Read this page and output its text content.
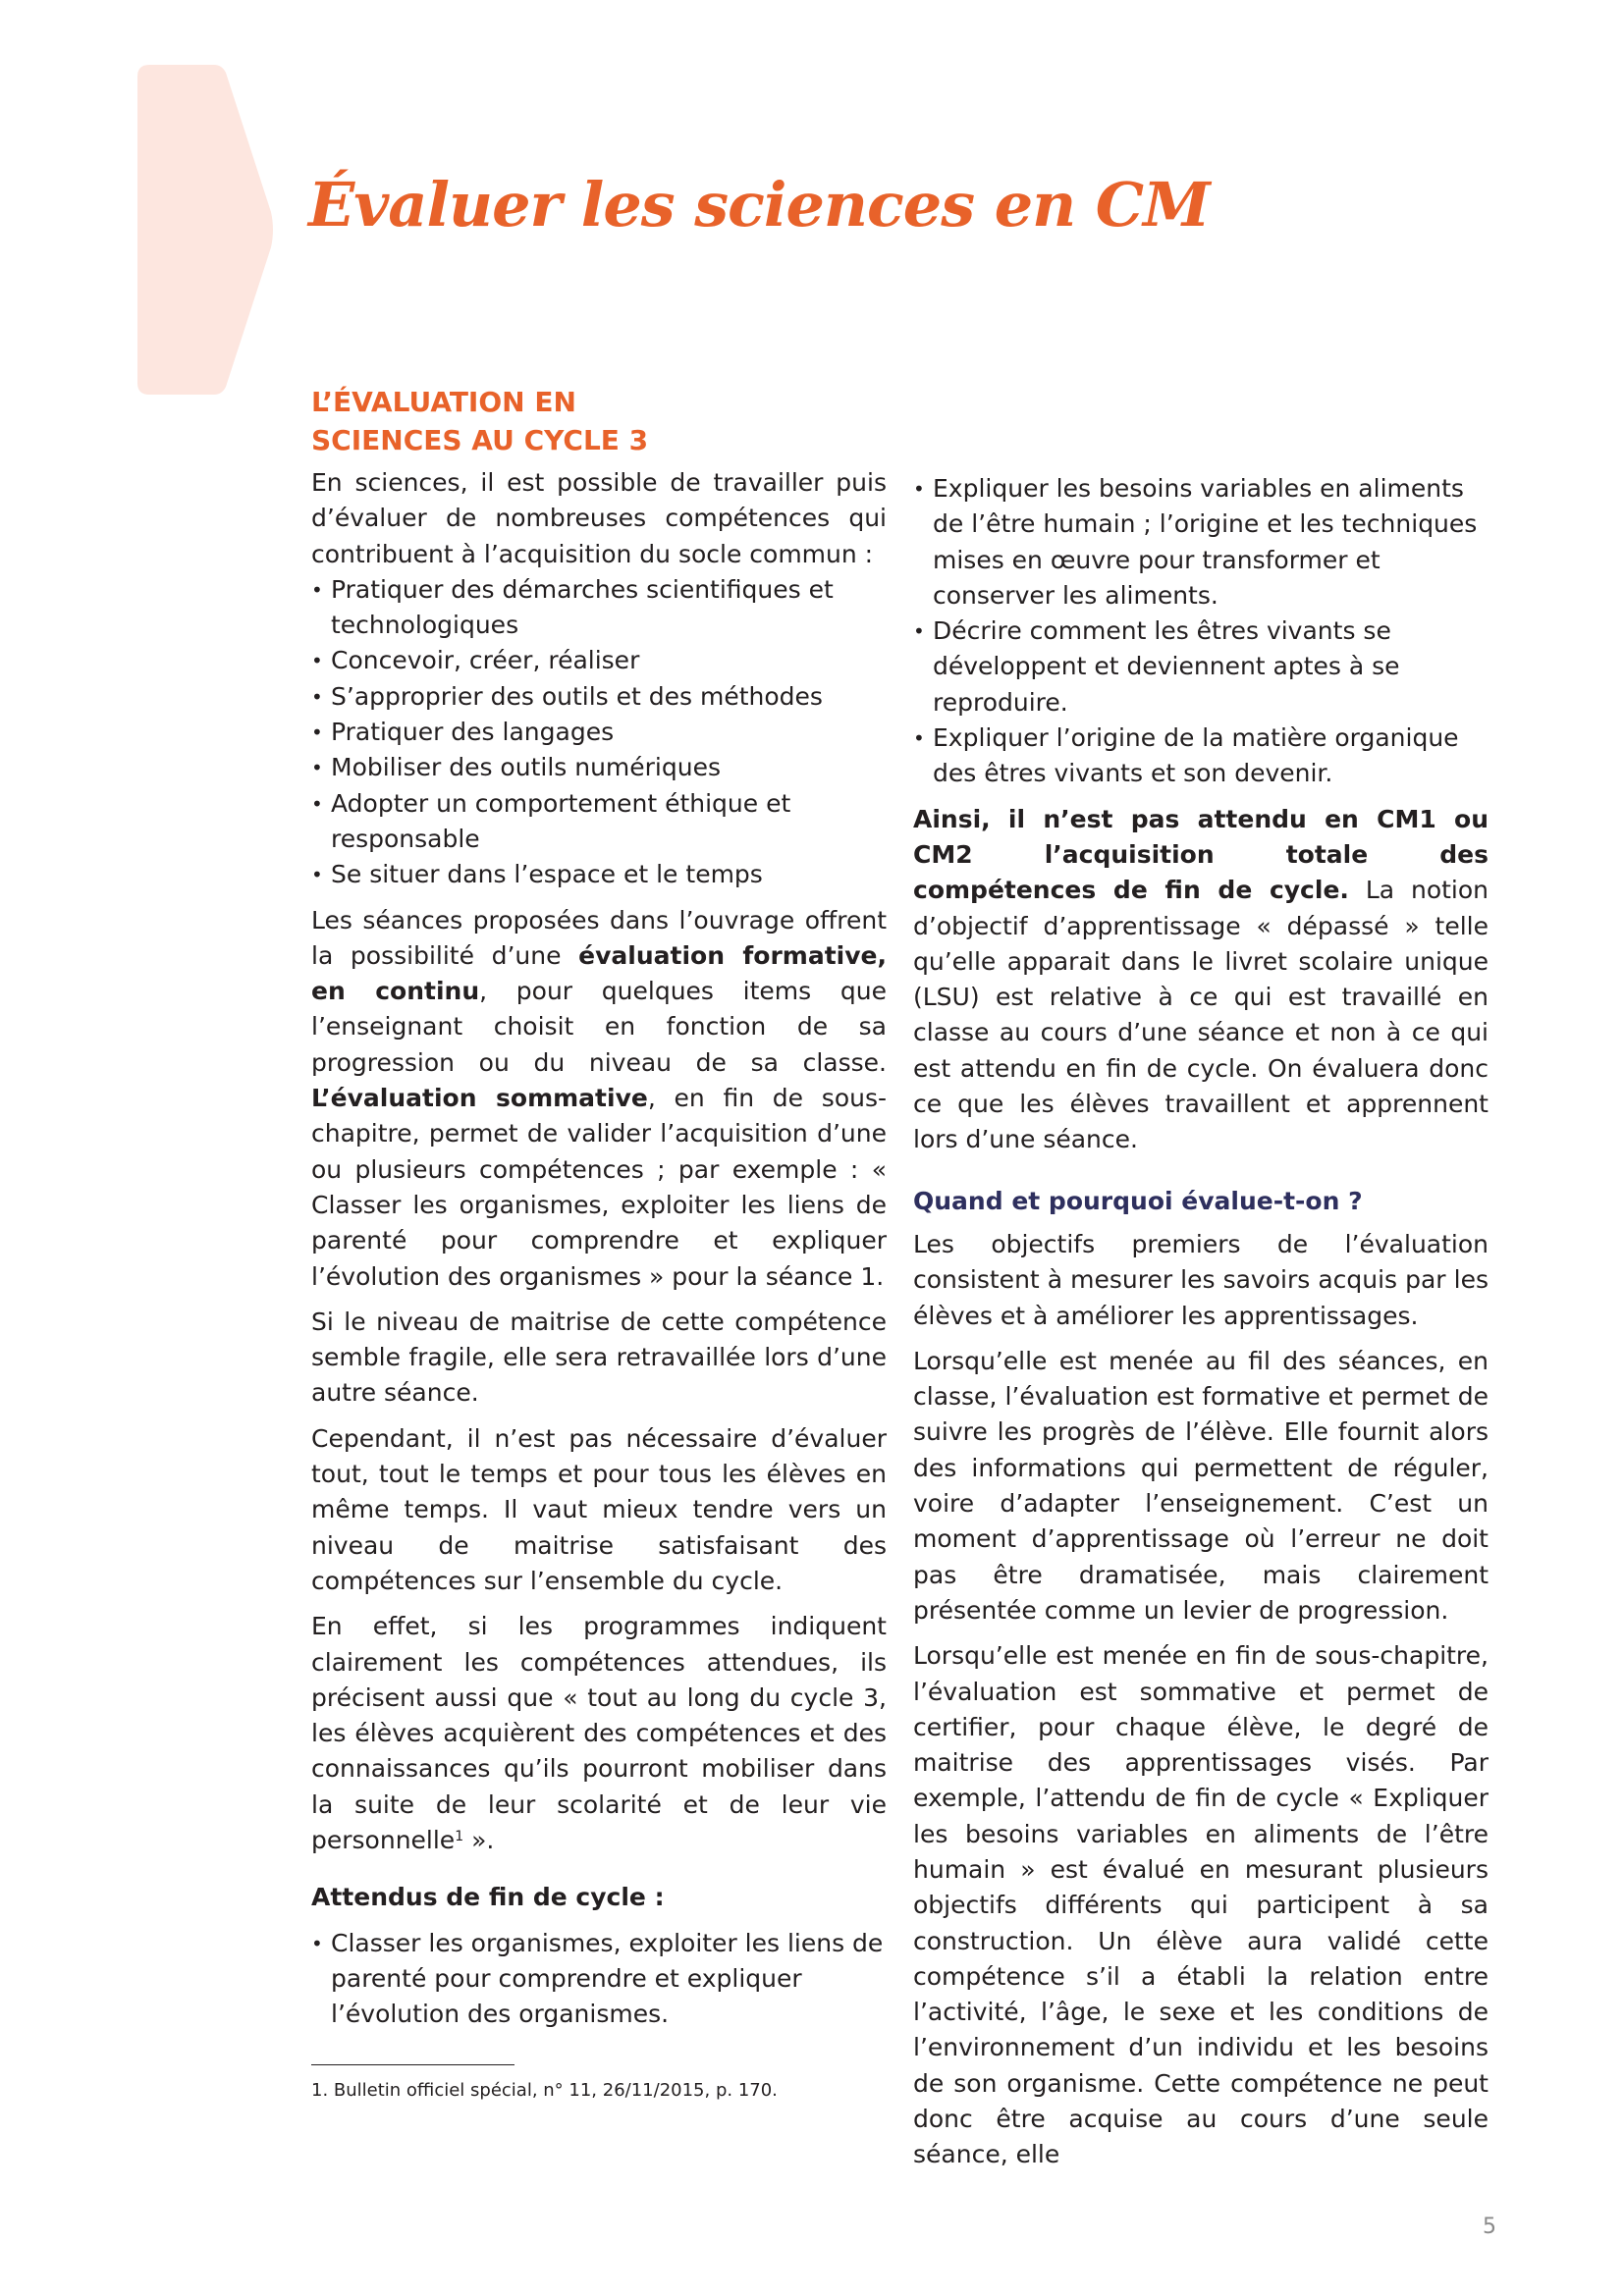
Évaluer les sciences en CM
L’ÉVALUATION EN
SCIENCES AU CYCLE 3

En sciences, il est possible de travailler puis d’évaluer de nombreuses compétences qui contribuent à l’acquisition du socle commun :

• Pratiquer des démarches scientifiques et technologiques
• Concevoir, créer, réaliser
• S’approprier des outils et des méthodes
• Pratiquer des langages
• Mobiliser des outils numériques
• Adopter un comportement éthique et responsable
• Se situer dans l’espace et le temps

Les séances proposées dans l’ouvrage offrent la possibilité d’une évaluation formative, en continu, pour quelques items que l’enseignant choisit en fonction de sa progression ou du niveau de sa classe. L’évaluation sommative, en fin de sous-chapitre, permet de valider l’acquisition d’une ou plusieurs compétences ; par exemple : « Classer les organismes, exploiter les liens de parenté pour comprendre et expliquer l’évolution des organismes » pour la séance 1.

Si le niveau de maitrise de cette compétence semble fragile, elle sera retravaillée lors d’une autre séance.

Cependant, il n’est pas nécessaire d’évaluer tout, tout le temps et pour tous les élèves en même temps. Il vaut mieux tendre vers un niveau de maitrise satisfaisant des compétences sur l’ensemble du cycle.

En effet, si les programmes indiquent clairement les compétences attendues, ils précisent aussi que « tout au long du cycle 3, les élèves acquièrent des compétences et des connaissances qu’ils pourront mobiliser dans la suite de leur scolarité et de leur vie personnelle$^1$ ».

Attendus de fin de cycle :
• Classer les organismes, exploiter les liens de parenté pour comprendre et expliquer l’évolution des organismes.
• Expliquer les besoins variables en aliments de l’être humain ; l’origine et les techniques mises en œuvre pour transformer et conserver les aliments.
• Décrire comment les êtres vivants se développent et deviennent aptes à se reproduire.
• Expliquer l’origine de la matière organique des êtres vivants et son devenir.

Ainsi, il n’est pas attendu en CM1 ou CM2 l’acquisition totale des compétences de fin de cycle. La notion d’objectif d’apprentissage « dépassé » telle qu’elle apparait dans le livret scolaire unique (LSU) est relative à ce qui est travaillé en classe au cours d’une séance et non à ce qui est attendu en fin de cycle. On évaluera donc ce que les élèves travaillent et apprennent lors d’une séance.

Quand et pourquoi évalue-t-on ?

Les objectifs premiers de l’évaluation consistent à mesurer les savoirs acquis par les élèves et à améliorer les apprentissages.

Lorsqu’elle est menée au fil des séances, en classe, l’évaluation est formative et permet de suivre les progrès de l’élève. Elle fournit alors des informations qui permettent de réguler, voire d’adapter l’enseignement. C’est un moment d’apprentissage où l’erreur ne doit pas être dramatisée, mais clairement présentée comme un levier de progression.

Lorsqu’elle est menée en fin de sous-chapitre, l’évaluation est sommative et permet de certifier, pour chaque élève, le degré de maitrise des apprentissages visés. Par exemple, l’attendu de fin de cycle « Expliquer les besoins variables en aliments de l’être humain » est évalué en mesurant plusieurs objectifs différents qui participent à sa construction. Un élève aura validé cette compétence s’il a établi la relation entre l’activité, l’âge, le sexe et les conditions de l’environnement d’un individu et les besoins de son organisme. Cette compétence ne peut donc être acquise au cours d’une seule séance, elle

1. Bulletin officiel spécial, n° 11, 26/11/2015, p. 170.

5
